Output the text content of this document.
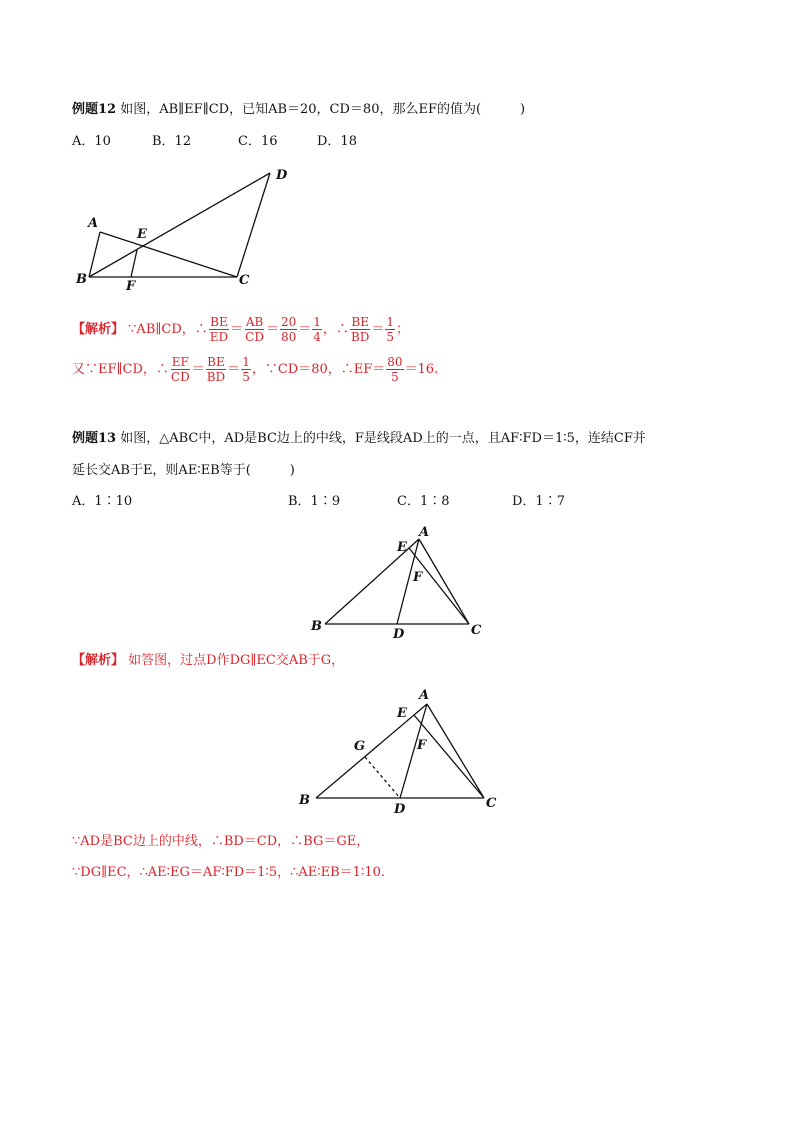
例题12 如图，AB∥EF∥CD，已知AB＝20，CD＝80，那么EF的值为(　　　)
A．10	B．12	C．16	D．18
A
B	C
D
E
F
【解析】 ∵AB∥CD，∴ $\frac{BE}{ED} = \frac{AB}{CD} = \frac{20}{80} = \frac{1}{4}$ ，∴ $\frac{BE}{BD} = \frac{1}{5}$ ；
又∵EF∥CD，∴ $\frac{EF}{CD} = \frac{BE}{BD} = \frac{1}{5}$ ，∵CD＝80，∴EF＝ $\frac{80}{5} =16$.
例题13 如图，△ABC中，AD是BC边上的中线，F是线段AD上的一点，且AF∶FD＝1∶5，连结CF并
延长交AB于E，则AE∶EB等于(　　　)
A．1∶10	B．1∶9	C．1∶8	D．1∶7
A
E
F
B
D	C
【解析】 如答图，过点D作DG∥EC交AB于G，
A
E
F
G
B
D	C
∵AD是BC边上的中线，∴BD＝CD，∴BG＝GE，
∵DG∥EC，∴AE∶EG＝AF∶FD＝1∶5，∴AE∶EB＝1∶10.
